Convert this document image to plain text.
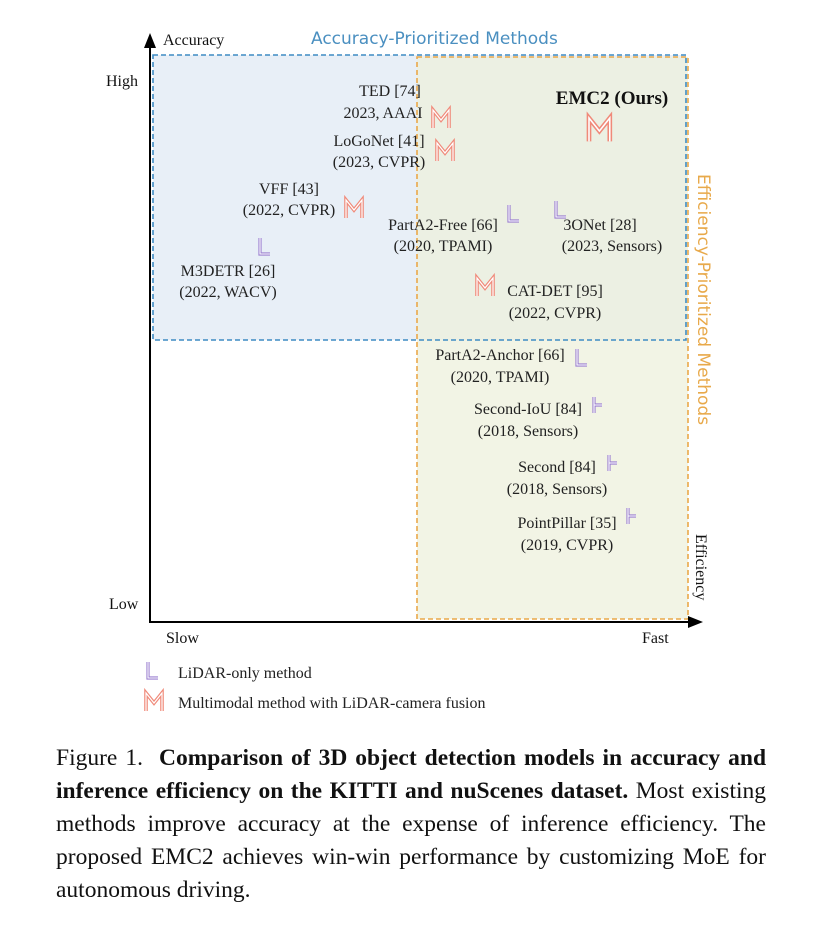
Accuracy
High
Low
Slow	Fast
Efficiency
Accuracy-Prioritized Methods
Efficiency-Prioritized Methods
TED [74]
2023, AAAI
LoGoNet [41]
(2023, CVPR)
VFF [43]
(2022, CVPR)
M3DETR [26]
(2022, WACV)
PartA2-Free [66]
(2020, TPAMI)
3ONet [28]
(2023, Sensors)
CAT-DET [95]
(2022, CVPR)
PartA2-Anchor [66]
(2020, TPAMI)
Second-IoU [84]
(2018, Sensors)
Second [84]
(2018, Sensors)
PointPillar [35]
(2019, CVPR)
EMC2 (Ours)
LiDAR-only method
Multimodal method with LiDAR-camera fusion

Figure 1. Comparison of 3D object detection models in accuracy and inference efficiency on the KITTI and nuScenes dataset. Most existing methods improve accuracy at the expense of inference efficiency. The proposed EMC2 achieves win-win performance by customizing MoE for autonomous driving.
